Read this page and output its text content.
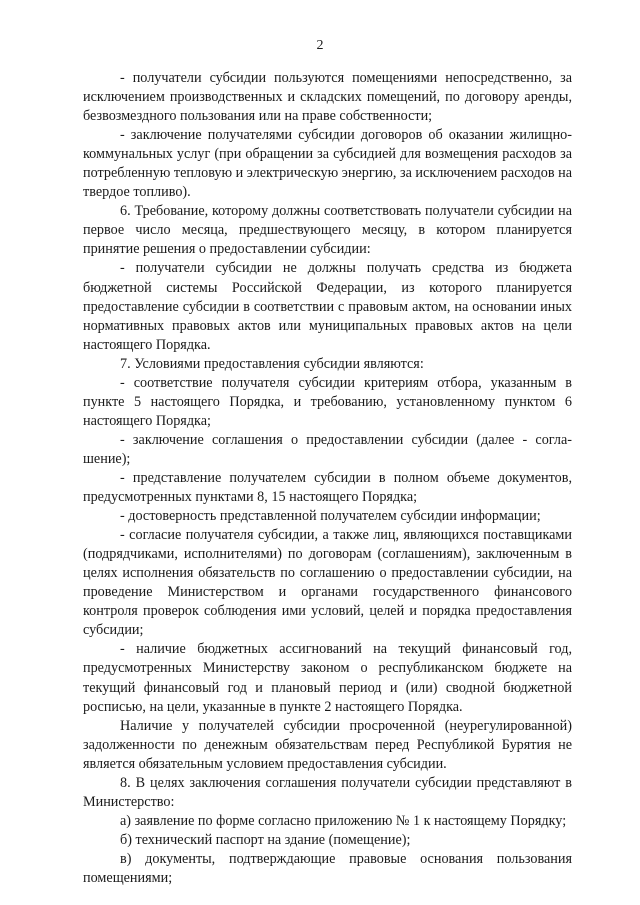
2

- получатели субсидии пользуются помещениями непосредственно, за исключением производственных и складских помещений, по договору аренды, безвозмездного пользования или на праве собственности;

- заключение получателями субсидии договоров об оказании жилищно-коммунальных услуг (при обращении за субсидией для возмещения расходов за потребленную тепловую и электрическую энергию, за исключением расходов на твердое топливо).

6. Требование, которому должны соответствовать получатели субсидии на первое число месяца, предшествующего месяцу, в котором планируется принятие решения о предоставлении субсидии:

- получатели субсидии не должны получать средства из бюджета бюджетной системы Российской Федерации, из которого планируется предоставление субсидии в соответствии с правовым актом, на основании иных нормативных правовых актов или муниципальных правовых актов на цели настоящего Порядка.

7. Условиями предоставления субсидии являются:

- соответствие получателя субсидии критериям отбора, указанным в пункте 5 настоящего Порядка, и требованию, установленному пунктом 6 настоящего Порядка;

- заключение соглашения о предоставлении субсидии (далее - соглашение);

- представление получателем субсидии в полном объеме документов, предусмотренных пунктами 8, 15 настоящего Порядка;

- достоверность представленной получателем субсидии информации;

- согласие получателя субсидии, а также лиц, являющихся поставщиками (подрядчиками, исполнителями) по договорам (соглашениям), заключенным в целях исполнения обязательств по соглашению о предоставлении субсидии, на проведение Министерством и органами государственного финансового контроля проверок соблюдения ими условий, целей и порядка предоставления субсидии;

- наличие бюджетных ассигнований на текущий финансовый год, предусмотренных Министерству законом о республиканском бюджете на текущий финансовый год и плановый период и (или) сводной бюджетной росписью, на цели, указанные в пункте 2 настоящего Порядка.

Наличие у получателей субсидии просроченной (неурегулированной) задолженности по денежным обязательствам перед Республикой Бурятия не является обязательным условием предоставления субсидии.

8. В целях заключения соглашения получатели субсидии представляют в Министерство:

а) заявление по форме согласно приложению № 1 к настоящему Порядку;

б) технический паспорт на здание (помещение);

в) документы, подтверждающие правовые основания пользования помещениями;
